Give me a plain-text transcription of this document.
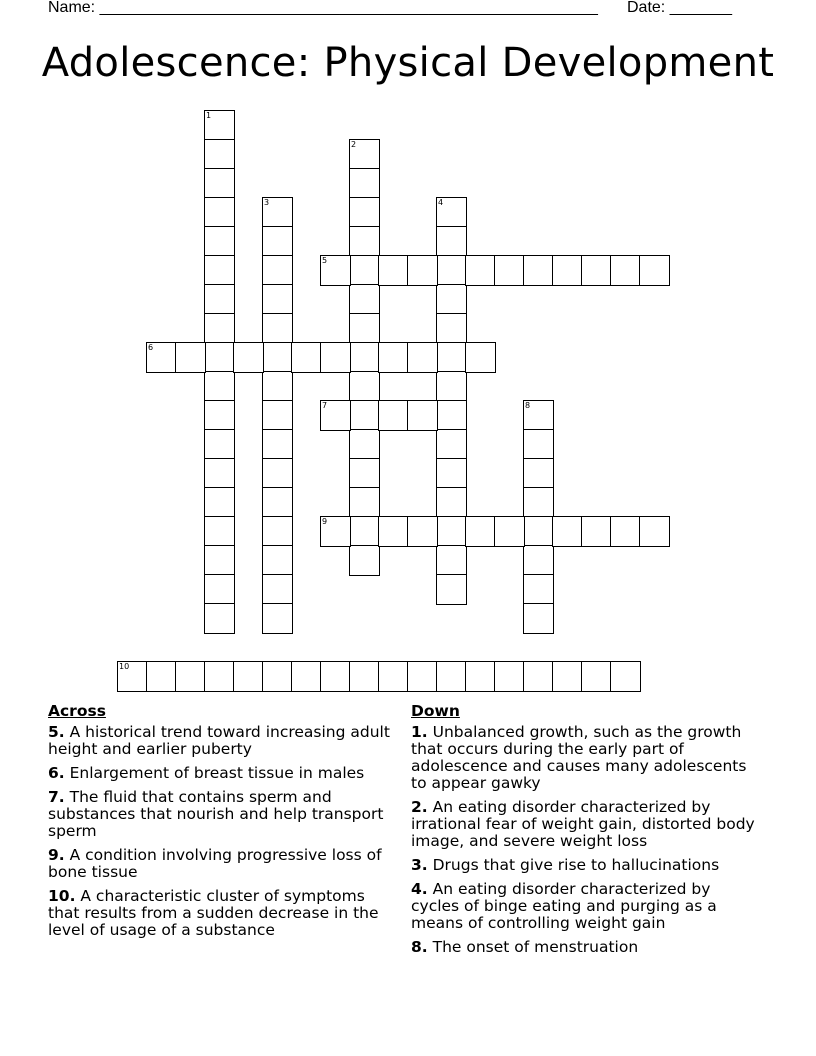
Name: ________________________________________________________ Date: _______
Adolescence: Physical Development
1
2
3	4
5
6
7	8
9
10
Across
5. A historical trend toward increasing adult height and earlier puberty
6. Enlargement of breast tissue in males
7. The fluid that contains sperm and substances that nourish and help transport sperm
9. A condition involving progressive loss of bone tissue
10. A characteristic cluster of symptoms that results from a sudden decrease in the level of usage of a substance
Down
1. Unbalanced growth, such as the growth that occurs during the early part of adolescence and causes many adolescents to appear gawky
2. An eating disorder characterized by irrational fear of weight gain, distorted body image, and severe weight loss
3. Drugs that give rise to hallucinations
4. An eating disorder characterized by cycles of binge eating and purging as a means of controlling weight gain
8. The onset of menstruation
